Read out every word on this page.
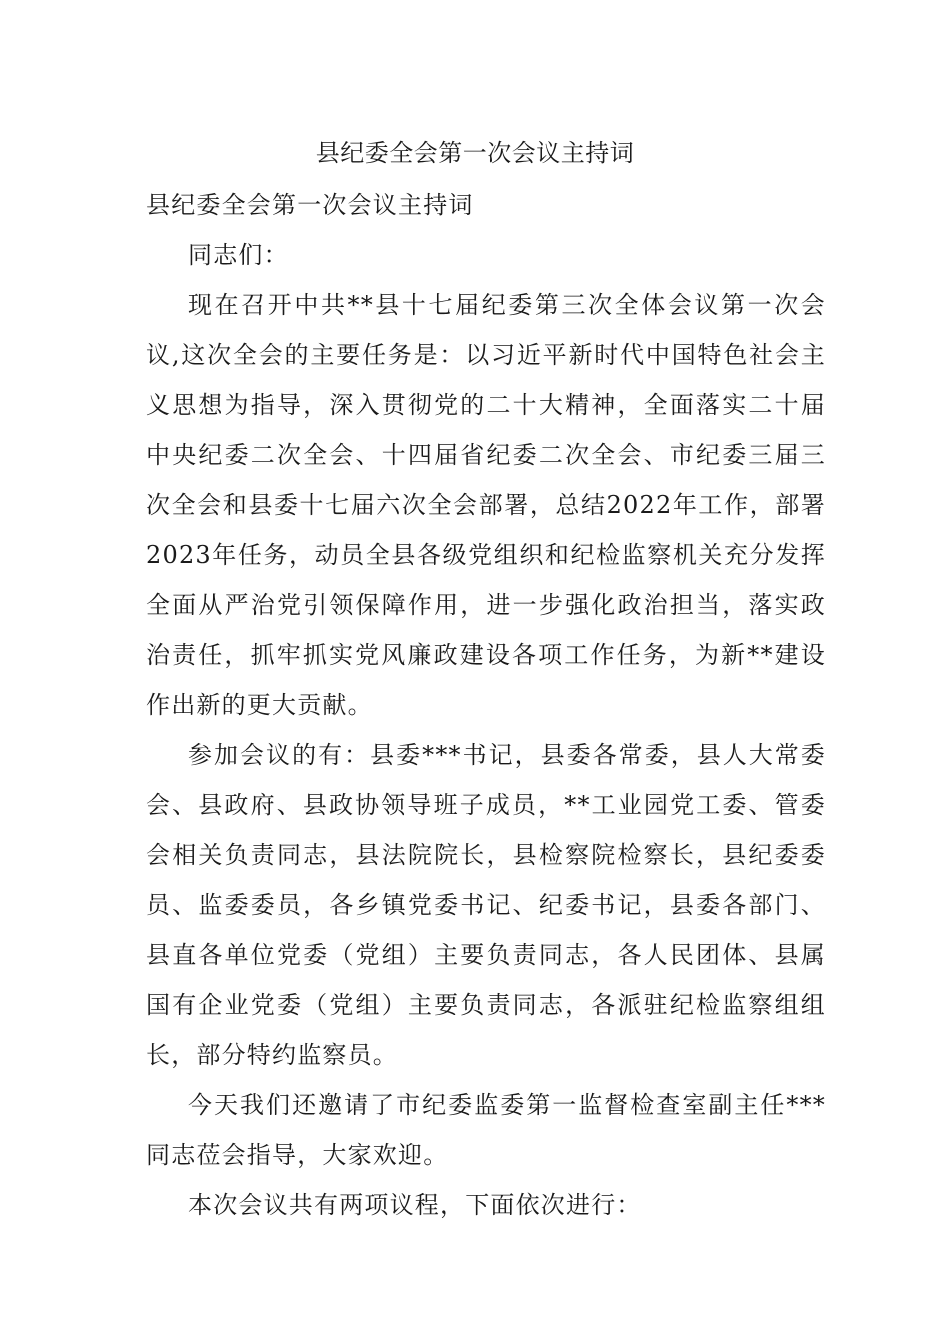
县纪委全会第一次会议主持词

县纪委全会第一次会议主持词

同志们：

现在召开中共**县十七届纪委第三次全体会议第一次会议,这次全会的主要任务是：以习近平新时代中国特色社会主义思想为指导，深入贯彻党的二十大精神，全面落实二十届中央纪委二次全会、十四届省纪委二次全会、市纪委三届三次全会和县委十七届六次全会部署，总结2022年工作，部署2023年任务，动员全县各级党组织和纪检监察机关充分发挥全面从严治党引领保障作用，进一步强化政治担当，落实政治责任，抓牢抓实党风廉政建设各项工作任务，为新**建设作出新的更大贡献。

参加会议的有：县委***书记，县委各常委，县人大常委会、县政府、县政协领导班子成员，**工业园党工委、管委会相关负责同志，县法院院长，县检察院检察长，县纪委委员、监委委员，各乡镇党委书记、纪委书记，县委各部门、县直各单位党委（党组）主要负责同志，各人民团体、县属国有企业党委（党组）主要负责同志，各派驻纪检监察组组长，部分特约监察员。

今天我们还邀请了市纪委监委第一监督检查室副主任***同志莅会指导，大家欢迎。

本次会议共有两项议程，下面依次进行：
